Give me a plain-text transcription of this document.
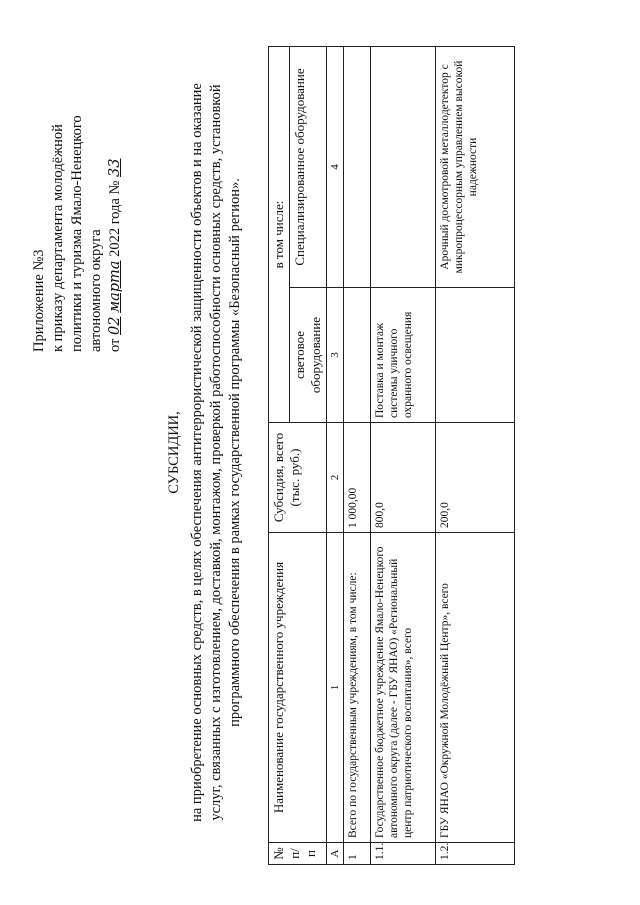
Приложение №3 к приказу департамента молодёжной политики и туризма Ямало-Ненецкого автономного округа от 02 марта 2022 года № 33
СУБСИДИИ, на приобретение основных средств, в целях обеспечения антитеррористической защищенности объектов и на оказание услуг, связанных с изготовлением, доставкой, монтажом, проверкой работоспособности основных средств, установкой программного обеспечения в рамках государственной программы «Безопасный регион».
№ п/п	Наименование государственного учреждения	Субсидия, всего (тыс. руб.)	в том числе:	
			световое оборудование	Специализированное оборудование
А	1	2	3	4
1	Всего по государственным учреждениям, в том числе:	1 000,00		
1.1.	Государственное бюджетное учреждение Ямало-Ненецкого автономного округа (далее - ГБУ ЯНАО) «Региональный центр патриотического воспитания», всего	800,0	Поставка и монтаж системы уличного охранного освещения	
1.2.	ГБУ ЯНАО «Окружной Молодёжный Центр», всего	200,0		Арочный досмотровой металлодетектор с микропроцессорным управлением высокой надежности
